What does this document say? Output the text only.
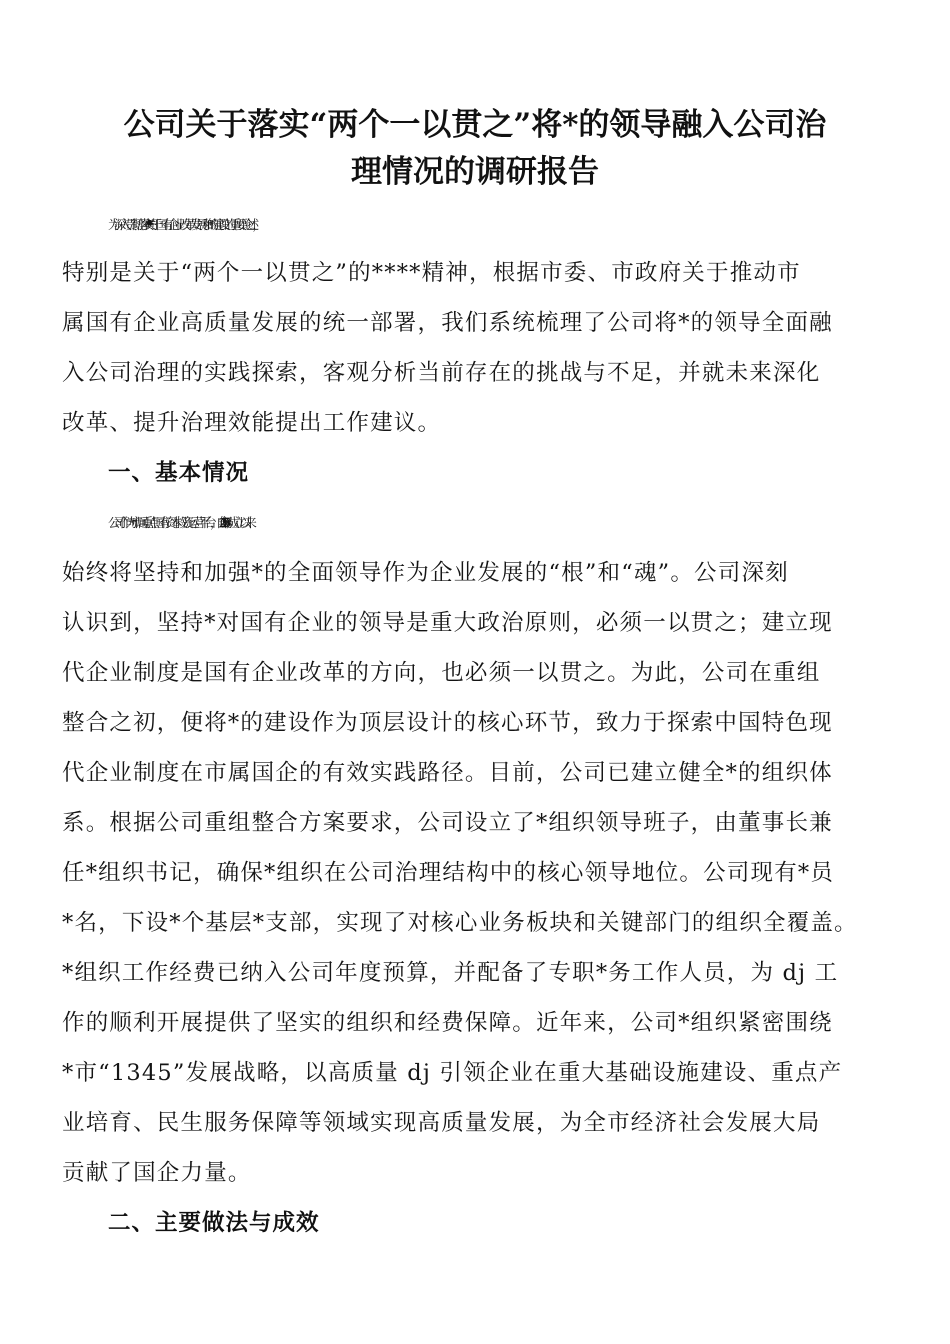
公司关于落实“两个一以贯之”将*的领导融入公司治
理情况的调研报告
为深入贯彻落实******关于国有企业改革发展和*的建设的重要论述，
特别是关于“两个一以贯之”的****精神，根据市委、市政府关于推动市
属国有企业高质量发展的统一部署，我们系统梳理了公司将*的领导全面融
入公司治理的实践探索，客观分析当前存在的挑战与不足，并就未来深化
改革、提升治理效能提出工作建议。
一、基本情况
公司作为*市属重点国有资本投资运营平台，自 2019 年 5 月成立以来
始终将坚持和加强*的全面领导作为企业发展的“根”和“魂”。公司深刻
认识到，坚持*对国有企业的领导是重大政治原则，必须一以贯之；建立现
代企业制度是国有企业改革的方向，也必须一以贯之。为此，公司在重组
整合之初，便将*的建设作为顶层设计的核心环节，致力于探索中国特色现
代企业制度在市属国企的有效实践路径。目前，公司已建立健全*的组织体
系。根据公司重组整合方案要求，公司设立了*组织领导班子，由董事长兼
任*组织书记，确保*组织在公司治理结构中的核心领导地位。公司现有*员
*名，下设*个基层*支部，实现了对核心业务板块和关键部门的组织全覆盖。
*组织工作经费已纳入公司年度预算，并配备了专职*务工作人员，为 dj 工
作的顺利开展提供了坚实的组织和经费保障。近年来，公司*组织紧密围绕
*市“1345”发展战略，以高质量 dj 引领企业在重大基础设施建设、重点产
业培育、民生服务保障等领域实现高质量发展，为全市经济社会发展大局
贡献了国企力量。
二、主要做法与成效
